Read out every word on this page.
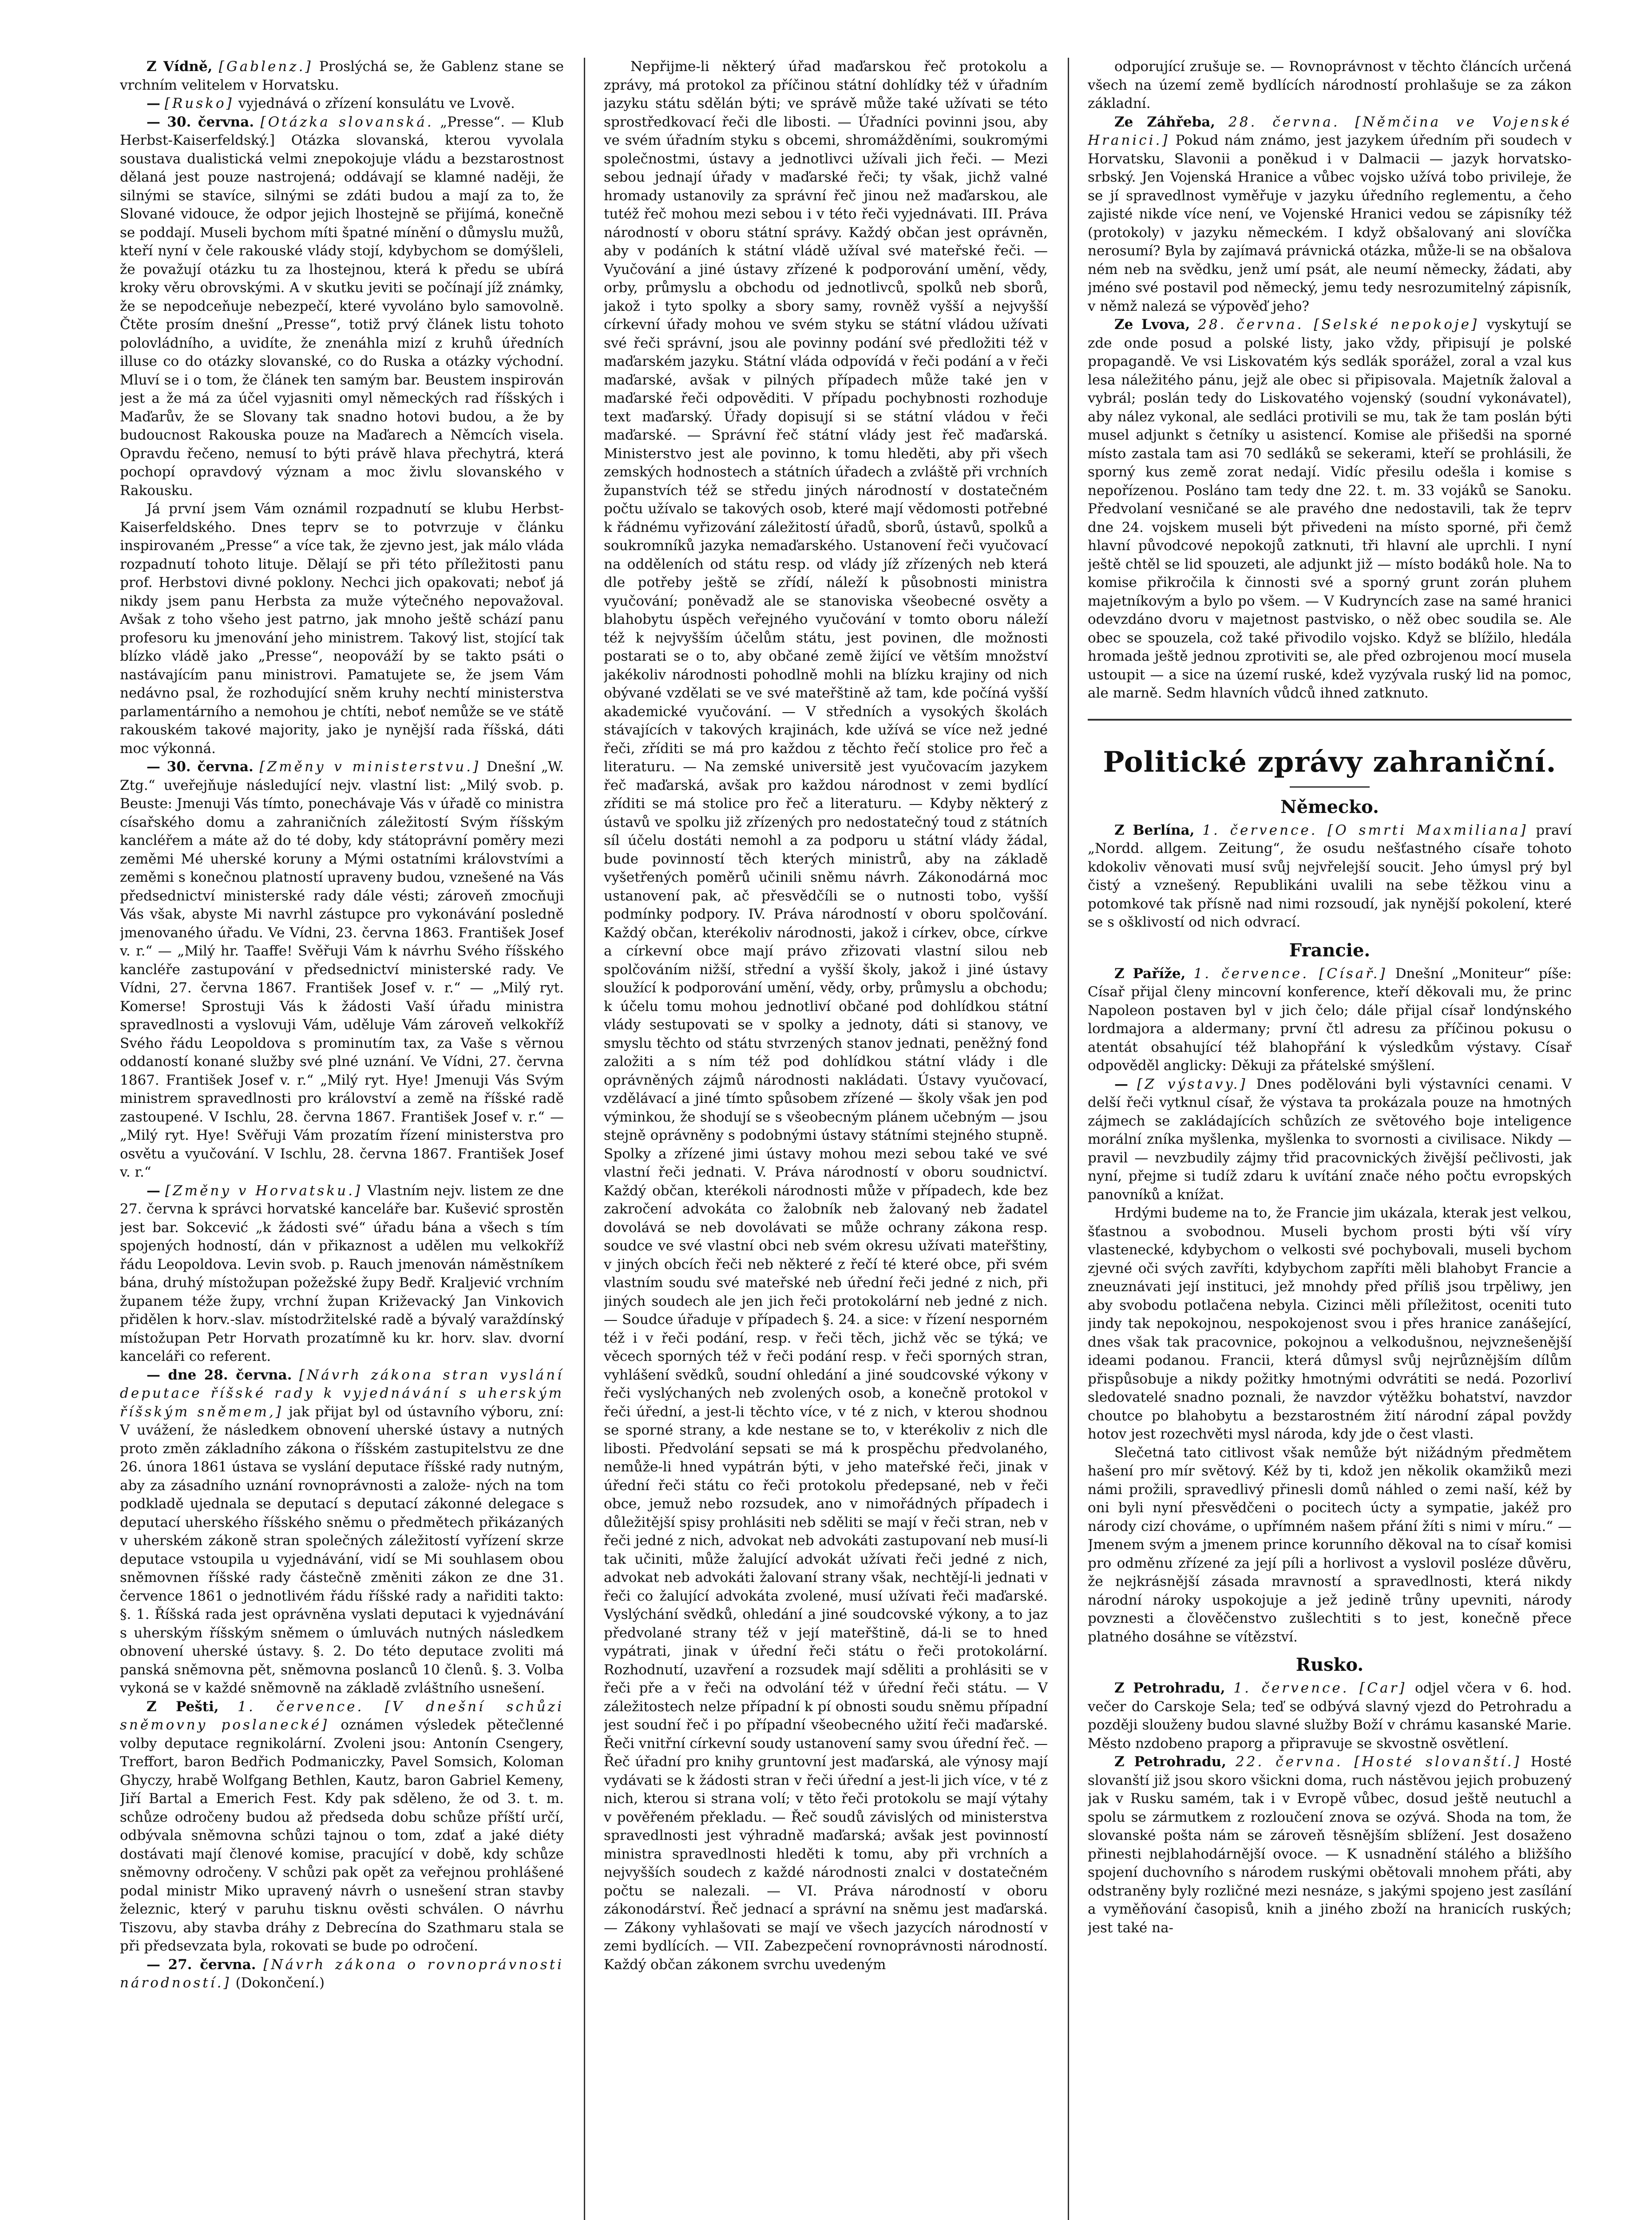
Z Vídně, [Gablenz.] Proslýchá se, že Gablenz stane se vrchním velitelem v Horvatsku.

— [Rusko] vyjednává o zřízení konsulátu ve Lvově.

— 30. června. [Otázka slovanská. „Presse“. — Klub Herbst-Kaiserfeldský.] Otázka slovanská, kterou vyvolala soustava dualistická velmi znepokojuje vládu a bezstarostnost dělaná jest pouze nastrojená; oddávají se klamné naději, že silnými se stavíce, silnými se zdáti budou a mají za to, že Slované vidouce, že odpor jejich lhostejně se přijímá, konečně se poddají. Museli bychom míti špatné mínění o důmyslu mužů, kteří nyní v čele rakouské vlády stojí, kdybychom se domýšleli, že považují otázku tu za lhostejnou, která k předu se ubírá kroky věru obrovskými. A v skutku jeviti se počínají jíž známky, že se nepodceňuje nebezpečí, které vyvoláno bylo samovolně. Čtěte prosím dnešní „Presse“, totiž prvý článek listu tohoto polovládního, a uvidíte, že znenáhla mizí z kruhů úředních illuse co do otázky slovanské, co do Ruska a otázky východní. Mluví se i o tom, že článek ten samým bar. Beustem inspirován jest a že má za účel vyjasniti omyl německých rad říšských i Maďarův, že se Slovany tak snadno hotovi budou, a že by budoucnost Rakouska pouze na Maďarech a Němcích visela. Opravdu řečeno, nemusí to býti právě hlava přechytrá, která pochopí opravdový význam a moc živlu slovanského v Rakousku.

Já první jsem Vám oznámil rozpadnutí se klubu Herbst-Kaiserfeldského. Dnes teprv se to potvrzuje v článku inspirovaném „Presse“ a více tak, že zjevno jest, jak málo vláda rozpadnutí tohoto lituje. Dělají se při této příležitosti panu prof. Herbstovi divné poklony. Nechci jich opakovati; neboť já nikdy jsem panu Herbsta za muže výtečného nepovažoval. Avšak z toho všeho jest patrno, jak mnoho ještě schází panu profesoru ku jmenování jeho ministrem. Takový list, stojící tak blízko vládě jako „Presse“, neopováží by se takto psáti o nastávajícím panu ministrovi. Pamatujete se, že jsem Vám nedávno psal, že rozhodující sněm kruhy nechtí ministerstva parlamentárního a nemohou je chtíti, neboť nemůže se ve státě rakouském takové majority, jako je nynější rada říšská, dáti moc výkonná.

— 30. června. [Změny v ministerstvu.] Dnešní „W. Ztg.“ uveřejňuje následující nejv. vlastní list: „Milý svob. p. Beuste: Jmenuji Vás tímto, ponechávaje Vás v úřadě co ministra císařského domu a zahraničních záležitostí Svým říšským kancléřem a máte až do té doby, kdy státoprávní poměry mezi zeměmi Mé uherské koruny a Mými ostatními královstvími a zeměmi s konečnou platností upraveny budou, vznešené na Vás předsednictví ministerské rady dále vésti; zároveň zmocňuji Vás však, abyste Mi navrhl zástupce pro vykonávání posledně jmenovaného úřadu. Ve Vídni, 23. června 1863. František Josef v. r.“ — „Milý hr. Taaffe! Svěřuji Vám k návrhu Svého říšského kancléře zastupování v předsednictví ministerské rady. Ve Vídni, 27. června 1867. František Josef v. r.“ — „Milý ryt. Komerse! Sprostuji Vás k žádosti Vaší úřadu ministra spravedlnosti a vyslovuji Vám, uděluje Vám zároveň velkokříž Svého řádu Leopoldova s prominutím tax, za Vaše s věrnou oddaností konané služby své plné uznání. Ve Vídni, 27. června 1867. František Josef v. r.“ „Milý ryt. Hye! Jmenuji Vás Svým ministrem spravedlnosti pro království a země na říšské radě zastoupené. V Ischlu, 28. června 1867. František Josef v. r.“ — „Milý ryt. Hye! Svěřuji Vám prozatím řízení ministerstva pro osvětu a vyučování. V Ischlu, 28. června 1867. František Josef v. r.“

— [Změny v Horvatsku.] Vlastním nejv. listem ze dne 27. června k správci horvatské kanceláře bar. Kušević sprostěn jest bar. Sokcević „k žádosti své“ úřadu bána a všech s tím spojených hodností, dán v přikaznost a udělen mu velkokříž řádu Leopoldova. Levin svob. p. Rauch jmenován náměstníkem bána, druhý místožupan požežské župy Bedř. Kraljević vrchním županem téže župy, vrchní župan Križevacký Jan Vinkovich přidělen k horv.-slav. místodržitelské radě a bývalý varaždínský místožupan Petr Horvath prozatímně ku kr. horv. slav. dvorní kanceláři co referent.

— dne 28. června. [Návrh zákona stran vyslání deputace říšské rady k vyjednávání s uherským říšským sněmem,] jak přijat byl od ústavního výboru, zní: V uvážení, že následkem obnovení uherské ústavy a nutných proto změn základního zákona o říšském zastupitelstvu ze dne 26. února 1861 ústava se vyslání deputace říšské rady nutným, aby za zásadního uznání rovnoprávnosti a založe- ných na tom podkladě ujednala se deputací s deputací zákonné delegace s deputací uherského říšského sněmu o předmětech přikázaných v uherském zákoně stran společných záležitostí vyřízení skrze deputace vstoupila u vyjednávání, vidí se Mi souhlasem obou sněmovnen říšské rady částečně změniti zákon ze dne 31. července 1861 o jednotlivém řádu říšské rady a nařiditi takto: §. 1. Říšská rada jest oprávněna vyslati deputaci k vyjednávání s uherským říšským sněmem o úmluvách nutných následkem obnovení uherské ústavy. §. 2. Do této deputace zvoliti má panská sněmovna pět, sněmovna poslanců 10 členů. §. 3. Volba vykoná se v každé sněmovně na základě zvláštního usnešení.

Z Pešti, 1. července. [V dnešní schůzi sněmovny poslanecké] oznámen výsledek pětečlenné volby deputace regnikolární. Zvoleni jsou: Antonín Csengery, Treffort, baron Bedřich Podmaniczky, Pavel Somsich, Koloman Ghyczy, hrabě Wolfgang Bethlen, Kautz, baron Gabriel Kemeny, Jiří Bartal a Emerich Fest. Kdy pak sděleno, že od 3. t. m. schůze odročeny budou až předseda dobu schůze příští určí, odbývala sněmovna schůzi tajnou o tom, zdať a jaké diéty dostávati mají členové komise, pracující v době, kdy schůze sněmovny odročeny. V schůzi pak opět za veřejnou prohlášené podal ministr Miko upravený návrh o usnešení stran stavby železnic, který v paruhu tisknu ověsti schválen. O návrhu Tiszovu, aby stavba dráhy z Debrecína do Szathmaru stala se při předsevzata byla, rokovati se bude po odročení.

— 27. června. [Návrh zákona o rovnoprávnosti národností.] (Dokončení.)

Nepřijme-li některý úřad maďarskou řeč protokolu a zprávy, má protokol za příčinou státní dohlídky též v úřadním jazyku státu sdělán býti; ve správě může také užívati se této sprostředkovací řeči dle libosti. — Úřadníci povinni jsou, aby ve svém úřadním styku s obcemi, shromážděními, soukromými společnostmi, ústavy a jednotlivci užívali jich řeči. — Mezi sebou jednají úřady v maďarské řeči; ty však, jichž valné hromady ustanovily za správní řeč jinou než maďarskou, ale tutéž řeč mohou mezi sebou i v této řeči vyjednávati. III. Práva národností v oboru státní správy. Každý občan jest oprávněn, aby v podáních k státní vládě užíval své mateřské řeči. — Vyučování a jiné ústavy zřízené k podporování umění, vědy, orby, průmyslu a obchodu od jednotlivců, spolků neb sborů, jakož i tyto spolky a sbory samy, rovněž vyšší a nejvyšší církevní úřady mohou ve svém styku se státní vládou užívati své řeči správní, jsou ale povinny podání své předložiti též v maďarském jazyku. Státní vláda odpovídá v řeči podání a v řeči maďarské, avšak v pilných případech může také jen v maďarské řeči odpověditi. V případu pochybnosti rozhoduje text maďarský. Úřady dopisují si se státní vládou v řeči maďarské. — Správní řeč státní vlády jest řeč maďarská. Ministerstvo jest ale povinno, k tomu hleděti, aby při všech zemských hodnostech a státních úřadech a zvláště při vrchních županstvích též se středu jiných národností v dostatečném počtu užívalo se takových osob, které mají vědomosti potřebné k řádnému vyřizování záležitostí úřadů, sborů, ústavů, spolků a soukromníků jazyka nemaďarského. Ustanovení řeči vyučovací na odděleních od státu resp. od vlády jíž zřízených neb která dle potřeby ještě se zřídí, náleží k působnosti ministra vyučování; poněvadž ale se stanoviska všeobecné osvěty a blahobytu úspěch veřejného vyučování v tomto oboru náleží též k nejvyšším účelům státu, jest povinen, dle možnosti postarati se o to, aby občané země žijící ve větším množství jakékoliv národnosti pohodlně mohli na blízku krajiny od nich obývané vzdělati se ve své mateřštině až tam, kde počíná vyšší akademické vyučování. — V středních a vysokých školách stávajících v takových krajinách, kde užívá se více než jedné řeči, zříditi se má pro každou z těchto řečí stolice pro řeč a literaturu. — Na zemské universitě jest vyučovacím jazykem řeč maďarská, avšak pro každou národnost v zemi bydlící zříditi se má stolice pro řeč a literaturu. — Kdyby některý z ústavů ve spolku již zřízených pro nedostatečný toud z státních síl účelu dostáti nemohl a za podporu u státní vlády žádal, bude povinností těch kterých ministrů, aby na základě vyšetřených poměrů učinili sněmu návrh. Zákonodárná moc ustanovení pak, ač přesvědčíli se o nutnosti tobo, vyšší podmínky podpory. IV. Práva národností v oboru spolčování. Každý občan, kterékoliv národnosti, jakož i církev, obce, církve a církevní obce mají právo zřizovati vlastní silou neb spolčováním nižší, střední a vyšší školy, jakož i jiné ústavy sloužící k podporování umění, vědy, orby, průmyslu a obchodu; k účelu tomu mohou jednotliví občané pod dohlídkou státní vlády sestupovati se v spolky a jednoty, dáti si stanovy, ve smyslu těchto od státu stvrzených stanov jednati, peněžný fond založiti a s ním též pod dohlídkou státní vlády i dle oprávněných zájmů národnosti nakládati. Ústavy vyučovací, vzdělávací a jiné tímto spůsobem zřízené — školy však jen pod výminkou, že shodují se s všeobecným plánem učebným — jsou stejně oprávněny s podobnými ústavy státními stejného stupně. Spolky a zřízené jimi ústavy mohou mezi sebou také ve své vlastní řeči jednati. V. Práva národností v oboru soudnictví. Každý občan, kterékoli národnosti může v případech, kde bez zakročení advokáta co žalobník neb žalovaný neb žadatel dovolává se neb dovolávati se může ochrany zákona resp. soudce ve své vlastní obci neb svém okresu užívati mateřštiny, v jiných obcích řeči neb některé z řečí té které obce, při svém vlastním soudu své mateřské neb úřední řeči jedné z nich, při jiných soudech ale jen jich řeči protokolární neb jedné z nich. — Soudce úřaduje v případech §. 24. a sice: v řízení nesporném též i v řeči podání, resp. v řeči těch, jichž věc se týká; ve věcech sporných též v řeči podání resp. v řeči sporných stran, vyhlášení svědků, soudní ohledání a jiné soudcovské výkony v řeči vyslýchaných neb zvolených osob, a konečně protokol v řeči úřední, a jest-li těchto více, v té z nich, v kterou shodnou se sporné strany, a kde nestane se to, v kterékoliv z nich dle libosti. Předvolání sepsati se má k prospěchu předvolaného, nemůže-li hned vypátrán býti, v jeho mateřské řeči, jinak v úřední řeči státu co řeči protokolu předepsané, neb v řeči obce, jemuž nebo rozsudek, ano v nimořádných případech i důležitější spisy prohlásiti neb sděliti se mají v řeči stran, neb v řeči jedné z nich, advokat neb advokáti zastupovaní neb musí-li tak učiniti, může žalující advokát užívati řeči jedné z nich, advokat neb advokáti žalovaní strany však, nechtějí-li jednati v řeči co žalující advokáta zvolené, musí užívati řeči maďarské. Vyslýchání svědků, ohledání a jiné soudcovské výkony, a to jaz předvolané strany též v její mateřštině, dá-li se to hned vypátrati, jinak v úřední řeči státu o řeči protokolární. Rozhodnutí, uzavření a rozsudek mají sděliti a prohlásiti se v řeči pře a v řeči na odvolání též v úřední řeči státu. — V záležitostech nelze případní k pí obnosti soudu sněmu případní jest soudní řeč i po případní všeobecného užití řeči maďarské. Řeči vnitřní církevní soudy ustanovení samy svou úřední řeč. — Řeč úřadní pro knihy gruntovní jest maďarská, ale výnosy mají vydávati se k žádosti stran v řeči úřední a jest-li jich více, v té z nich, kterou si strana volí; v těto řeči protokolu se mají výtahy v pověřeném překladu. — Řeč soudů závislých od ministerstva spravedlnosti jest výhradně maďarská; avšak jest povinností ministra spravedlnosti hleděti k tomu, aby při vrchních a nejvyšších soudech z každé národnosti znalci v dostatečném počtu se nalezali. — VI. Práva národností v oboru zákonodárství. Řeč jednací a správní na sněmu jest maďarská. — Zákony vyhlašovati se mají ve všech jazycích národností v zemi bydlících. — VII. Zabezpečení rovnoprávnosti národností. Každý občan zákonem svrchu uvedeným

odporující zrušuje se. — Rovnoprávnost v těchto článcích určená všech na území země bydlících národností prohlašuje se za zákon základní.

Ze Záhřeba, 28. června. [Němčina ve Vojenské Hranici.] Pokud nám známo, jest jazykem úředním při soudech v Horvatsku, Slavonii a poněkud i v Dalmacii — jazyk horvatsko-srbský. Jen Vojenská Hranice a vůbec vojsko užívá tobo privileje, že se jí spravedlnost vyměřuje v jazyku úředního reglementu, a čeho zajisté nikde více není, ve Vojenské Hranici vedou se zápisníky též (protokoly) v jazyku německém. I když obšalovaný ani slovíčka nerosumí? Byla by zajímavá právnická otázka, může-li se na obšalova ném neb na svědku, jenž umí psát, ale neumí německy, žádati, aby jméno své postavil pod německý, jemu tedy nesrozumitelný zápisník, v němž nalezá se výpověď jeho?

Ze Lvova, 28. června. [Selské nepokoje] vyskytují se zde onde posud a polské listy, jako vždy, připisují je polské propagandě. Ve vsi Liskovatém kýs sedlák sporážel, zoral a vzal kus lesa náležitého pánu, jejž ale obec si připisovala. Majetník žaloval a vybrál; poslán tedy do Liskovatého vojenský (soudní vykonávatel), aby nález vykonal, ale sedláci protivili se mu, tak že tam poslán býti musel adjunkt s četníky u asistencí. Komise ale přišedši na sporné místo zastala tam asi 70 sedláků se sekerami, kteří se prohlásili, že sporný kus země zorat nedají. Vidíc přesilu odešla i komise s nepořízenou. Posláno tam tedy dne 22. t. m. 33 vojáků se Sanoku. Předvolaní vesničané se ale pravého dne nedostavili, tak že teprv dne 24. vojskem museli být přivedeni na místo sporné, při čemž hlavní původcové nepokojů zatknuti, tři hlavní ale uprchli. I nyní ještě chtěl se lid spouzeti, ale adjunkt již — místo bodáků hole. Na to komise přikročila k činnosti své a sporný grunt zorán pluhem majetníkovým a bylo po všem. — V Kudryncích zase na samé hranici odevzdáno dvoru v majetnost pastvisko, o něž obec soudila se. Ale obec se spouzela, což také přivodilo vojsko. Když se blížilo, hledála hromada ještě jednou zprotiviti se, ale před ozbrojenou mocí musela ustoupit — a sice na území ruské, kdež vyzývala ruský lid na pomoc, ale marně. Sedm hlavních vůdců ihned zatknuto.

Politické zprávy zahraniční.
Německo.

Z Berlína, 1. července. [O smrti Maxmiliana] praví „Nordd. allgem. Zeitung“, že osudu nešťastného císaře tohoto kdokoliv věnovati musí svůj nejvřelejší soucit. Jeho úmysl prý byl čistý a vznešený. Republikáni uvalili na sebe těžkou vinu a potomkové tak přísně nad nimi rozsoudí, jak nynější pokolení, které se s ošklivostí od nich odvrací.

Francie.

Z Paříže, 1. července. [Císař.] Dnešní „Moniteur“ píše: Císař přijal členy mincovní konference, kteří děkovali mu, že princ Napoleon postaven byl v jich čelo; dále přijal císař londýnského lordmajora a aldermany; první čtl adresu za příčinou pokusu o atentát obsahující též blahopřání k výsledkům výstavy. Císař odpověděl anglicky: Děkuji za přátelské smýšlení.

— [Z výstavy.] Dnes podělováni byli výstavníci cenami. V delší řeči vytknul císař, že výstava ta prokázala pouze na hmotných zájmech se zakládajících schůzích ze světového boje inteligence morální zníka myšlenka, myšlenka to svornosti a civilisace. Nikdy — pravil — nevzbudily zájmy třid pracovnických živější pečlivosti, jak nyní, přejme si tudíž zdaru k uvítání znače ného počtu evropských panovníků a knížat.

Hrdými budeme na to, že Francie jim ukázala, kterak jest velkou, šťastnou a svobodnou. Museli bychom prosti býti vší víry vlastenecké, kdybychom o velkosti své pochybovali, museli bychom zjevné oči svých zavříti, kdybychom zapříti měli blahobyt Francie a zneuznávati její instituci, jež mnohdy před příliš jsou trpěliwy, jen aby svobodu potlačena nebyla. Cizinci měli příležitost, oceniti tuto jindy tak nepokojnou, nespokojenost svou i přes hranice zanášející, dnes však tak pracovnice, pokojnou a velkodušnou, nejvznešenější ideami podanou. Francii, která důmysl svůj nejrůznějším dílům přispůsobuje a nikdy požitky hmotnými odvrátiti se nedá. Pozorliví sledovatelé snadno poznali, že navzdor výtěžku bohatství, navzdor choutce po blahobytu a bezstarostném žití národní zápal povždy hotov jest rozechvěti mysl národa, kdy jde o čest vlasti.

Slečetná tato citlivost však nemůže být nižádným předmětem hašení pro mír světový. Kéž by ti, kdož jen několik okamžiků mezi námi prožili, spravedlivý přinesli domů náhled o zemi naší, kéž by oni byli nyní přesvědčeni o pocitech úcty a sympatie, jakéž pro národy cizí chováme, o upřímném našem přání žíti s nimi v míru.“ — Jmenem svým a jmenem prince korunního děkoval na to císař komisi pro odměnu zřízené za její píli a horlivost a vyslovil posléze důvěru, že nejkrásnější zásada mravností a spravedlnosti, která nikdy národní nároky uspokojuje a jež jedině trůny upevniti, národy povznesti a člověčenstvo zušlechtiti s to jest, konečně přece platného dosáhne se vítězství.

Rusko.

Z Petrohradu, 1. července. [Car] odjel včera v 6. hod. večer do Carskoje Sela; teď se odbývá slavný vjezd do Petrohradu a později slouženy budou slavné služby Boží v chrámu kasanské Marie. Město nzdobeno praporg a připravuje se skvostně osvětlení.

Z Petrohradu, 22. června. [Hosté slovanští.] Hosté slovanští již jsou skoro všickni doma, ruch nástěvou jejich probuzený jak v Rusku samém, tak i v Evropě vůbec, dosud ještě neutuchl a spolu se zármutkem z rozloučení znova se ozývá. Shoda na tom, že slovanské pošta nám se zároveň těsnějším sblížení. Jest dosaženo přinesti nejblahodárnější ovoce. — K usnadnění stálého a bližšího spojení duchovního s národem ruskými obětovali mnohem přáti, aby odstraněny byly rozličné mezi nesnáze, s jakými spojeno jest zasílání a vyměňování časopisů, knih a jiného zboží na hranicích ruských; jest také na-
